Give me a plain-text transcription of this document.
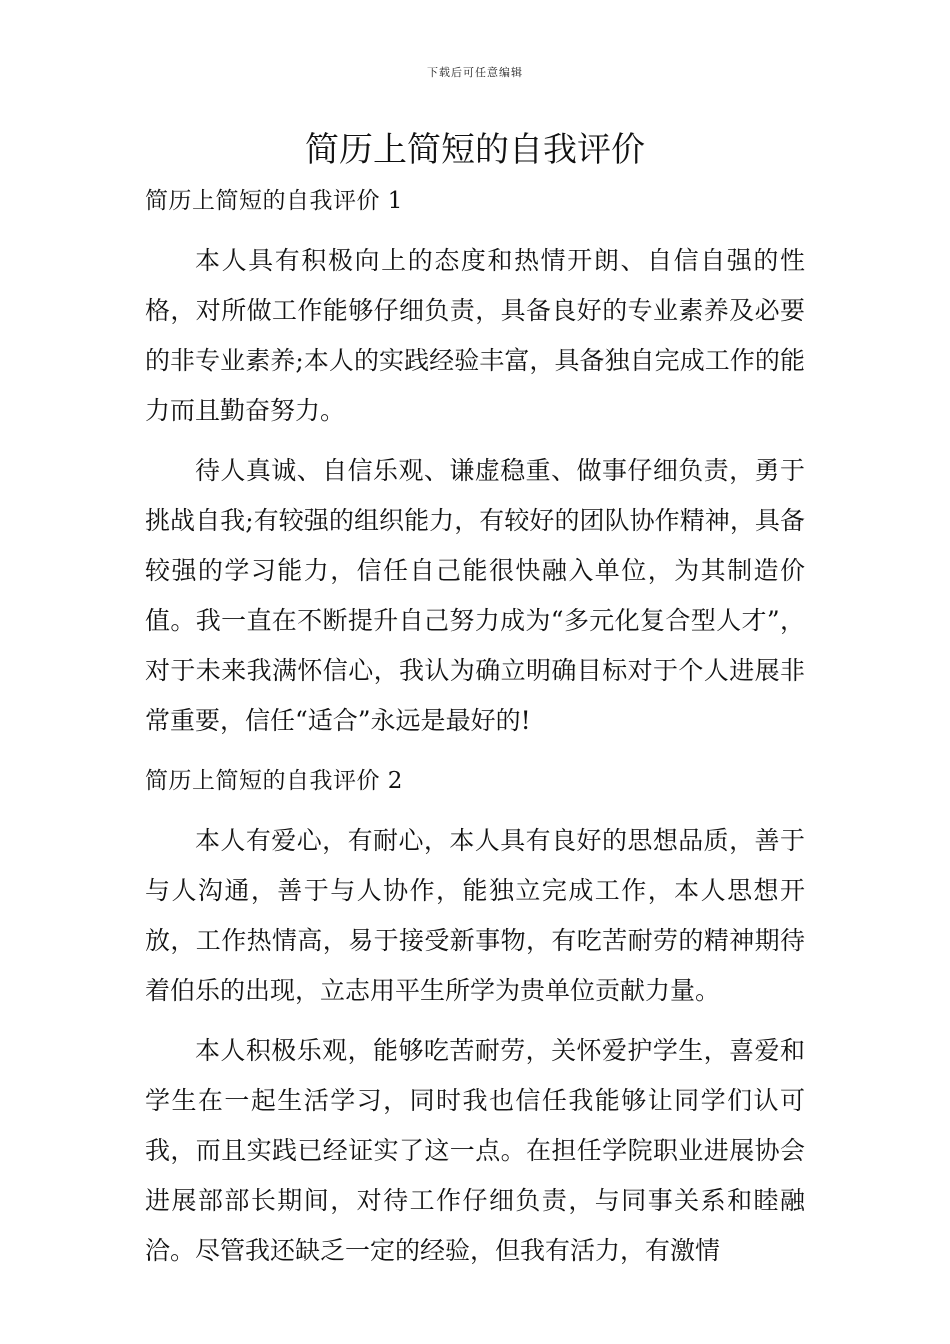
下载后可任意编辑
简历上简短的自我评价
简历上简短的自我评价 1

本人具有积极向上的态度和热情开朗、自信自强的性格，对所做工作能够仔细负责，具备良好的专业素养及必要的非专业素养;本人的实践经验丰富，具备独自完成工作的能力而且勤奋努力。

待人真诚、自信乐观、谦虚稳重、做事仔细负责，勇于挑战自我;有较强的组织能力，有较好的团队协作精神，具备较强的学习能力，信任自己能很快融入单位，为其制造价值。我一直在不断提升自己努力成为“多元化复合型人才”，对于未来我满怀信心，我认为确立明确目标对于个人进展非常重要，信任“适合”永远是最好的!

简历上简短的自我评价 2

本人有爱心，有耐心，本人具有良好的思想品质，善于与人沟通，善于与人协作，能独立完成工作，本人思想开放，工作热情高，易于接受新事物，有吃苦耐劳的精神期待着伯乐的出现，立志用平生所学为贵单位贡献力量。

本人积极乐观，能够吃苦耐劳，关怀爱护学生，喜爱和学生在一起生活学习，同时我也信任我能够让同学们认可我，而且实践已经证实了这一点。在担任学院职业进展协会进展部部长期间，对待工作仔细负责，与同事关系和睦融洽。尽管我还缺乏一定的经验，但我有活力，有激情
